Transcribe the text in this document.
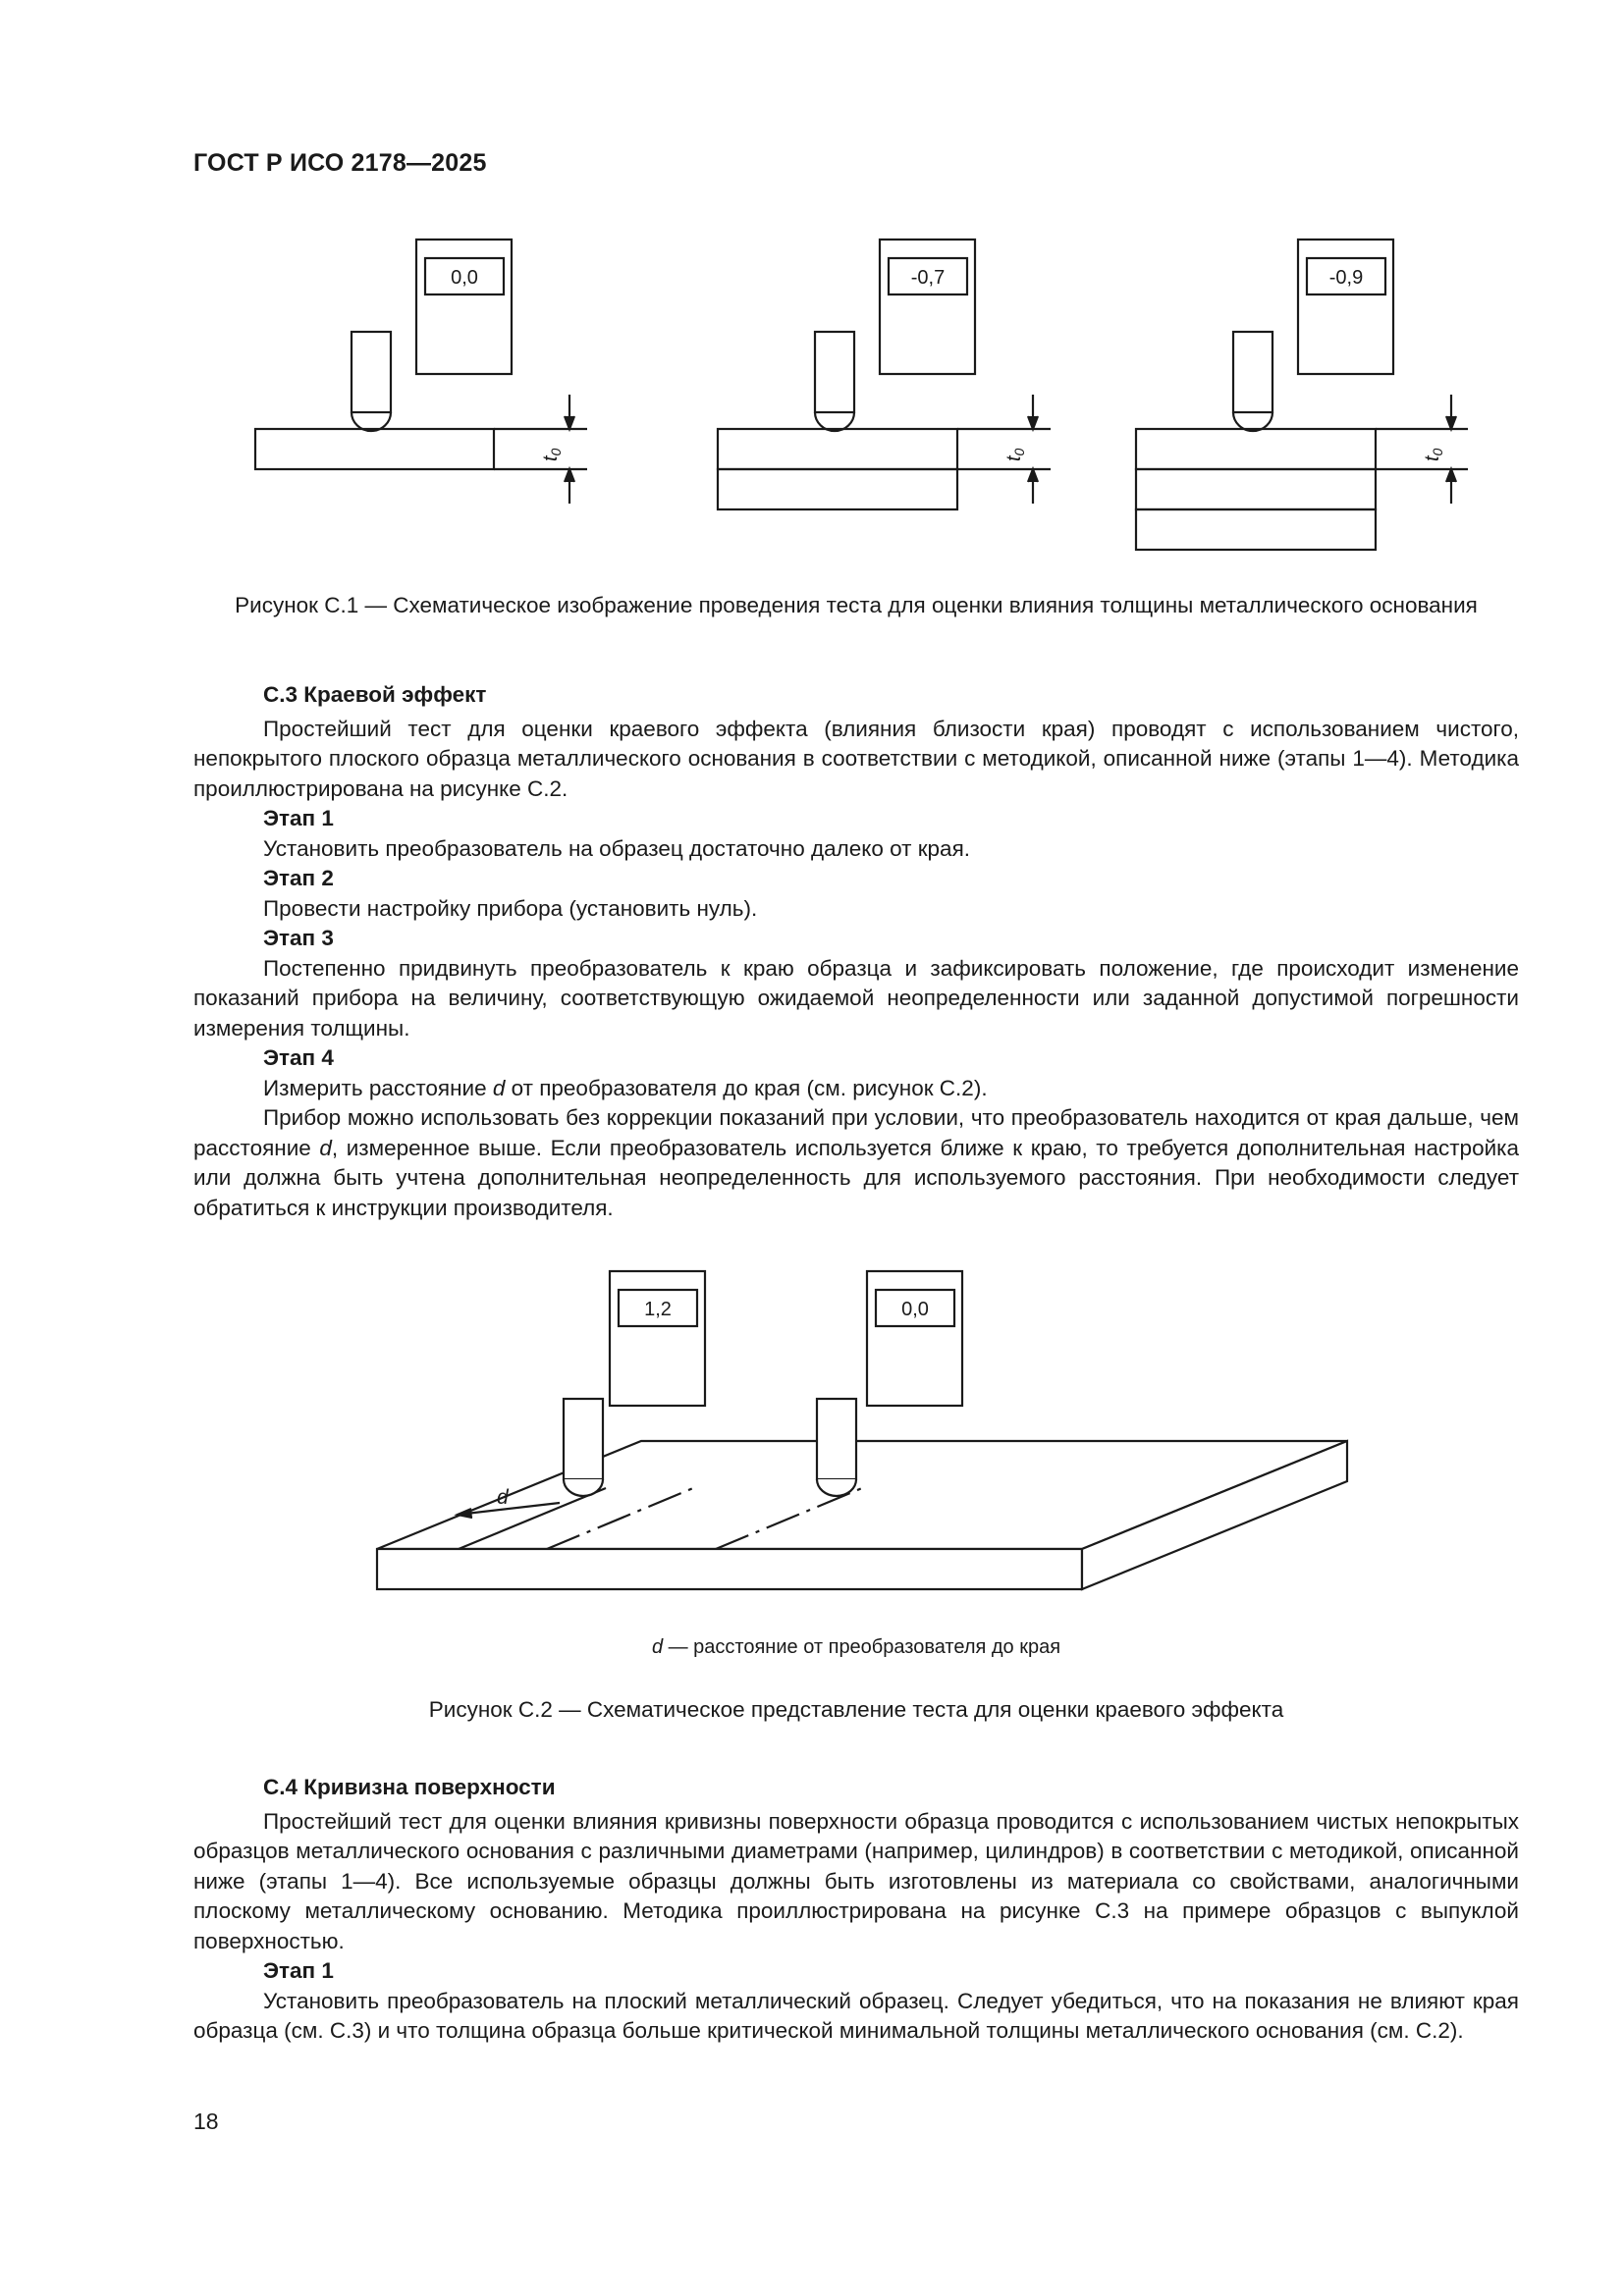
ГОСТ Р ИСО 2178—2025
0,0
$t_0$
-0,7
$t_0$
-0,9
$t_0$
Рисунок С.1 — Схематическое изображение проведения теста для оценки влияния толщины металлического основания

С.3 Краевой эффект

Простейший тест для оценки краевого эффекта (влияния близости края) проводят с использованием чистого, непокрытого плоского образца металлического основания в соответствии с методикой, описанной ниже (этапы 1—4). Методика проиллюстрирована на рисунке С.2.

Этап 1

Установить преобразователь на образец достаточно далеко от края.

Этап 2

Провести настройку прибора (установить нуль).

Этап 3

Постепенно придвинуть преобразователь к краю образца и зафиксировать положение, где происходит изменение показаний прибора на величину, соответствующую ожидаемой неопределенности или заданной допустимой погрешности измерения толщины.

Этап 4

Измерить расстояние d от преобразователя до края (см. рисунок С.2).

Прибор можно использовать без коррекции показаний при условии, что преобразователь находится от края дальше, чем расстояние d, измеренное выше. Если преобразователь используется ближе к краю, то требуется дополнительная настройка или должна быть учтена дополнительная неопределенность для используемого расстояния. При необходимости следует обратиться к инструкции производителя.

1,2	0,0
d
d — расстояние от преобразователя до края
Рисунок С.2 — Схематическое представление теста для оценки краевого эффекта

С.4 Кривизна поверхности

Простейший тест для оценки влияния кривизны поверхности образца проводится с использованием чистых непокрытых образцов металлического основания с различными диаметрами (например, цилиндров) в соответствии с методикой, описанной ниже (этапы 1—4). Все используемые образцы должны быть изготовлены из материала со свойствами, аналогичными плоскому металлическому основанию. Методика проиллюстрирована на рисунке С.3 на примере образцов с выпуклой поверхностью.

Этап 1

Установить преобразователь на плоский металлический образец. Следует убедиться, что на показания не влияют края образца (см. С.3) и что толщина образца больше критической минимальной толщины металлического основания (см. С.2).

18
